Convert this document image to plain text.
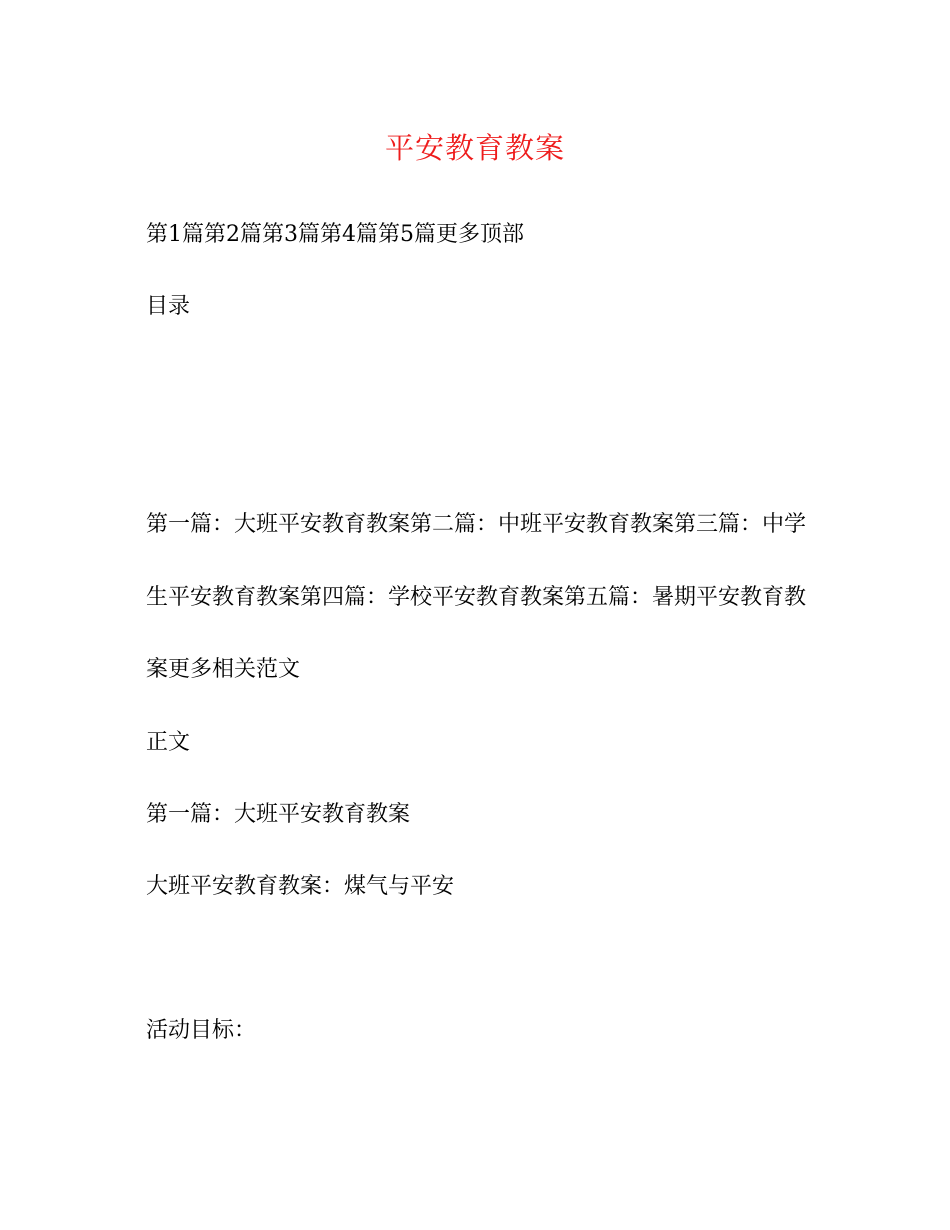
平安教育教案
第1篇第2篇第3篇第4篇第5篇更多顶部
目录
第一篇：大班平安教育教案第二篇：中班平安教育教案第三篇：中学
生平安教育教案第四篇：学校平安教育教案第五篇：暑期平安教育教
案更多相关范文
正文
第一篇：大班平安教育教案
大班平安教育教案：煤气与平安
活动目标：
